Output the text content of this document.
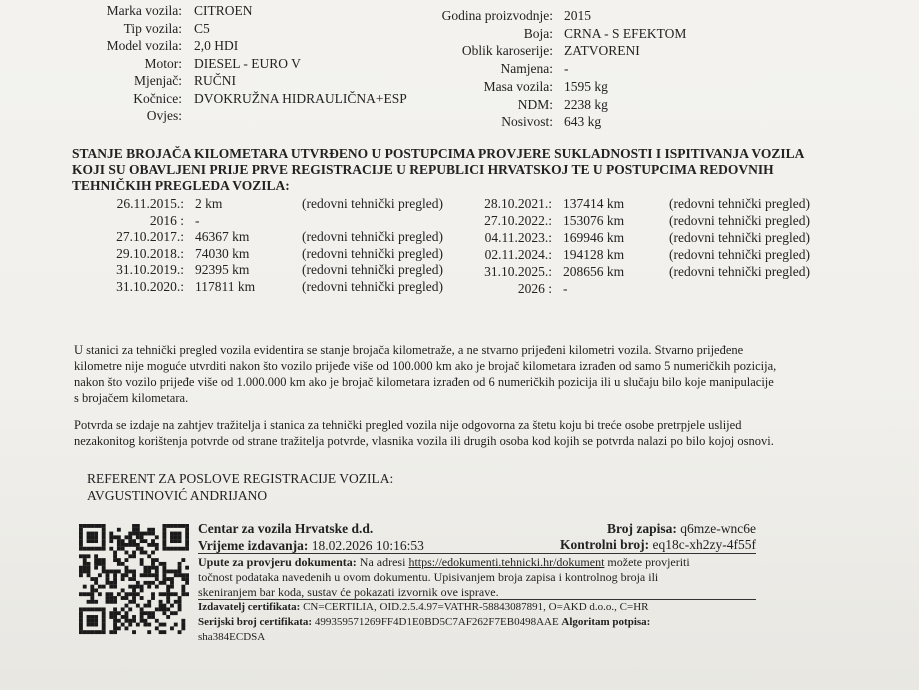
Marka vozila: CITROEN
Tip vozila: C5
Model vozila: 2,0 HDI
Motor: DIESEL - EURO V
Mjenjač: RUČNI
Kočnice: DVOKRUŽNA HIDRAULIČNA+ESP
Ovjes:
Godina proizvodnje: 2015
Boja: CRNA - S EFEKTOM
Oblik karoserije: ZATVORENI
Namjena: -
Masa vozila: 1595 kg
NDM: 2238 kg
Nosivost: 643 kg
STANJE BROJAČA KILOMETARA UTVRĐENO U POSTUPCIMA PROVJERE SUKLADNOSTI I ISPITIVANJA VOZILA KOJI SU OBAVLJENI PRIJE PRVE REGISTRACIJE U REPUBLICI HRVATSKOJ TE U POSTUPCIMA REDOVNIH TEHNIČKIH PREGLEDA VOZILA:
26.11.2015.: 2 km	(redovni tehnički pregled)
2016 : -
27.10.2017.: 46367 km	(redovni tehnički pregled)
29.10.2018.: 74030 km	(redovni tehnički pregled)
31.10.2019.: 92395 km	(redovni tehnički pregled)
31.10.2020.: 117811 km	(redovni tehnički pregled)
28.10.2021.: 137414 km	(redovni tehnički pregled)
27.10.2022.: 153076 km	(redovni tehnički pregled)
04.11.2023.: 169946 km	(redovni tehnički pregled)
02.11.2024.: 194128 km	(redovni tehnički pregled)
31.10.2025.: 208656 km	(redovni tehnički pregled)
2026 : -
U stanici za tehnički pregled vozila evidentira se stanje brojača kilometraže, a ne stvarno prijeđeni kilometri vozila. Stvarno prijeđene
kilometre nije moguće utvrditi nakon što vozilo prijeđe više od 100.000 km ako je brojač kilometara izrađen od samo 5 numeričkih pozicija,
nakon što vozilo prijeđe više od 1.000.000 km ako je brojač kilometara izrađen od 6 numeričkih pozicija ili u slučaju bilo koje manipulacije
s brojačem kilometara.
Potvrda se izdaje na zahtjev tražitelja i stanica za tehnički pregled vozila nije odgovorna za štetu koju bi treće osobe pretrpjele uslijed
nezakonitog korištenja potvrde od strane tražitelja potvrde, vlasnika vozila ili drugih osoba kod kojih se potvrda nalazi po bilo kojoj osnovi.
REFERENT ZA POSLOVE REGISTRACIJE VOZILA:
AVGUSTINOVIĆ ANDRIJANO
Centar za vozila Hrvatske d.d.	Broj zapisa: q6mze-wnc6e
Vrijeme izdavanja: 18.02.2026 10:16:53	Kontrolni broj: eq18c-xh2zy-4f55f
Upute za provjeru dokumenta: Na adresi https://edokumenti.tehnicki.hr/dokument možete provjeriti
točnost podataka navedenih u ovom dokumentu. Upisivanjem broja zapisa i kontrolnog broja ili
skeniranjem bar koda, sustav će pokazati izvornik ove isprave.
Izdavatelj certifikata: CN=CERTILIA, OID.2.5.4.97=VATHR-58843087891, O=AKD d.o.o., C=HR
Serijski broj certifikata: 499359571269FF4D1E0BD5C7AF262F7EB0498AAE Algoritam potpisa:
sha384ECDSA
